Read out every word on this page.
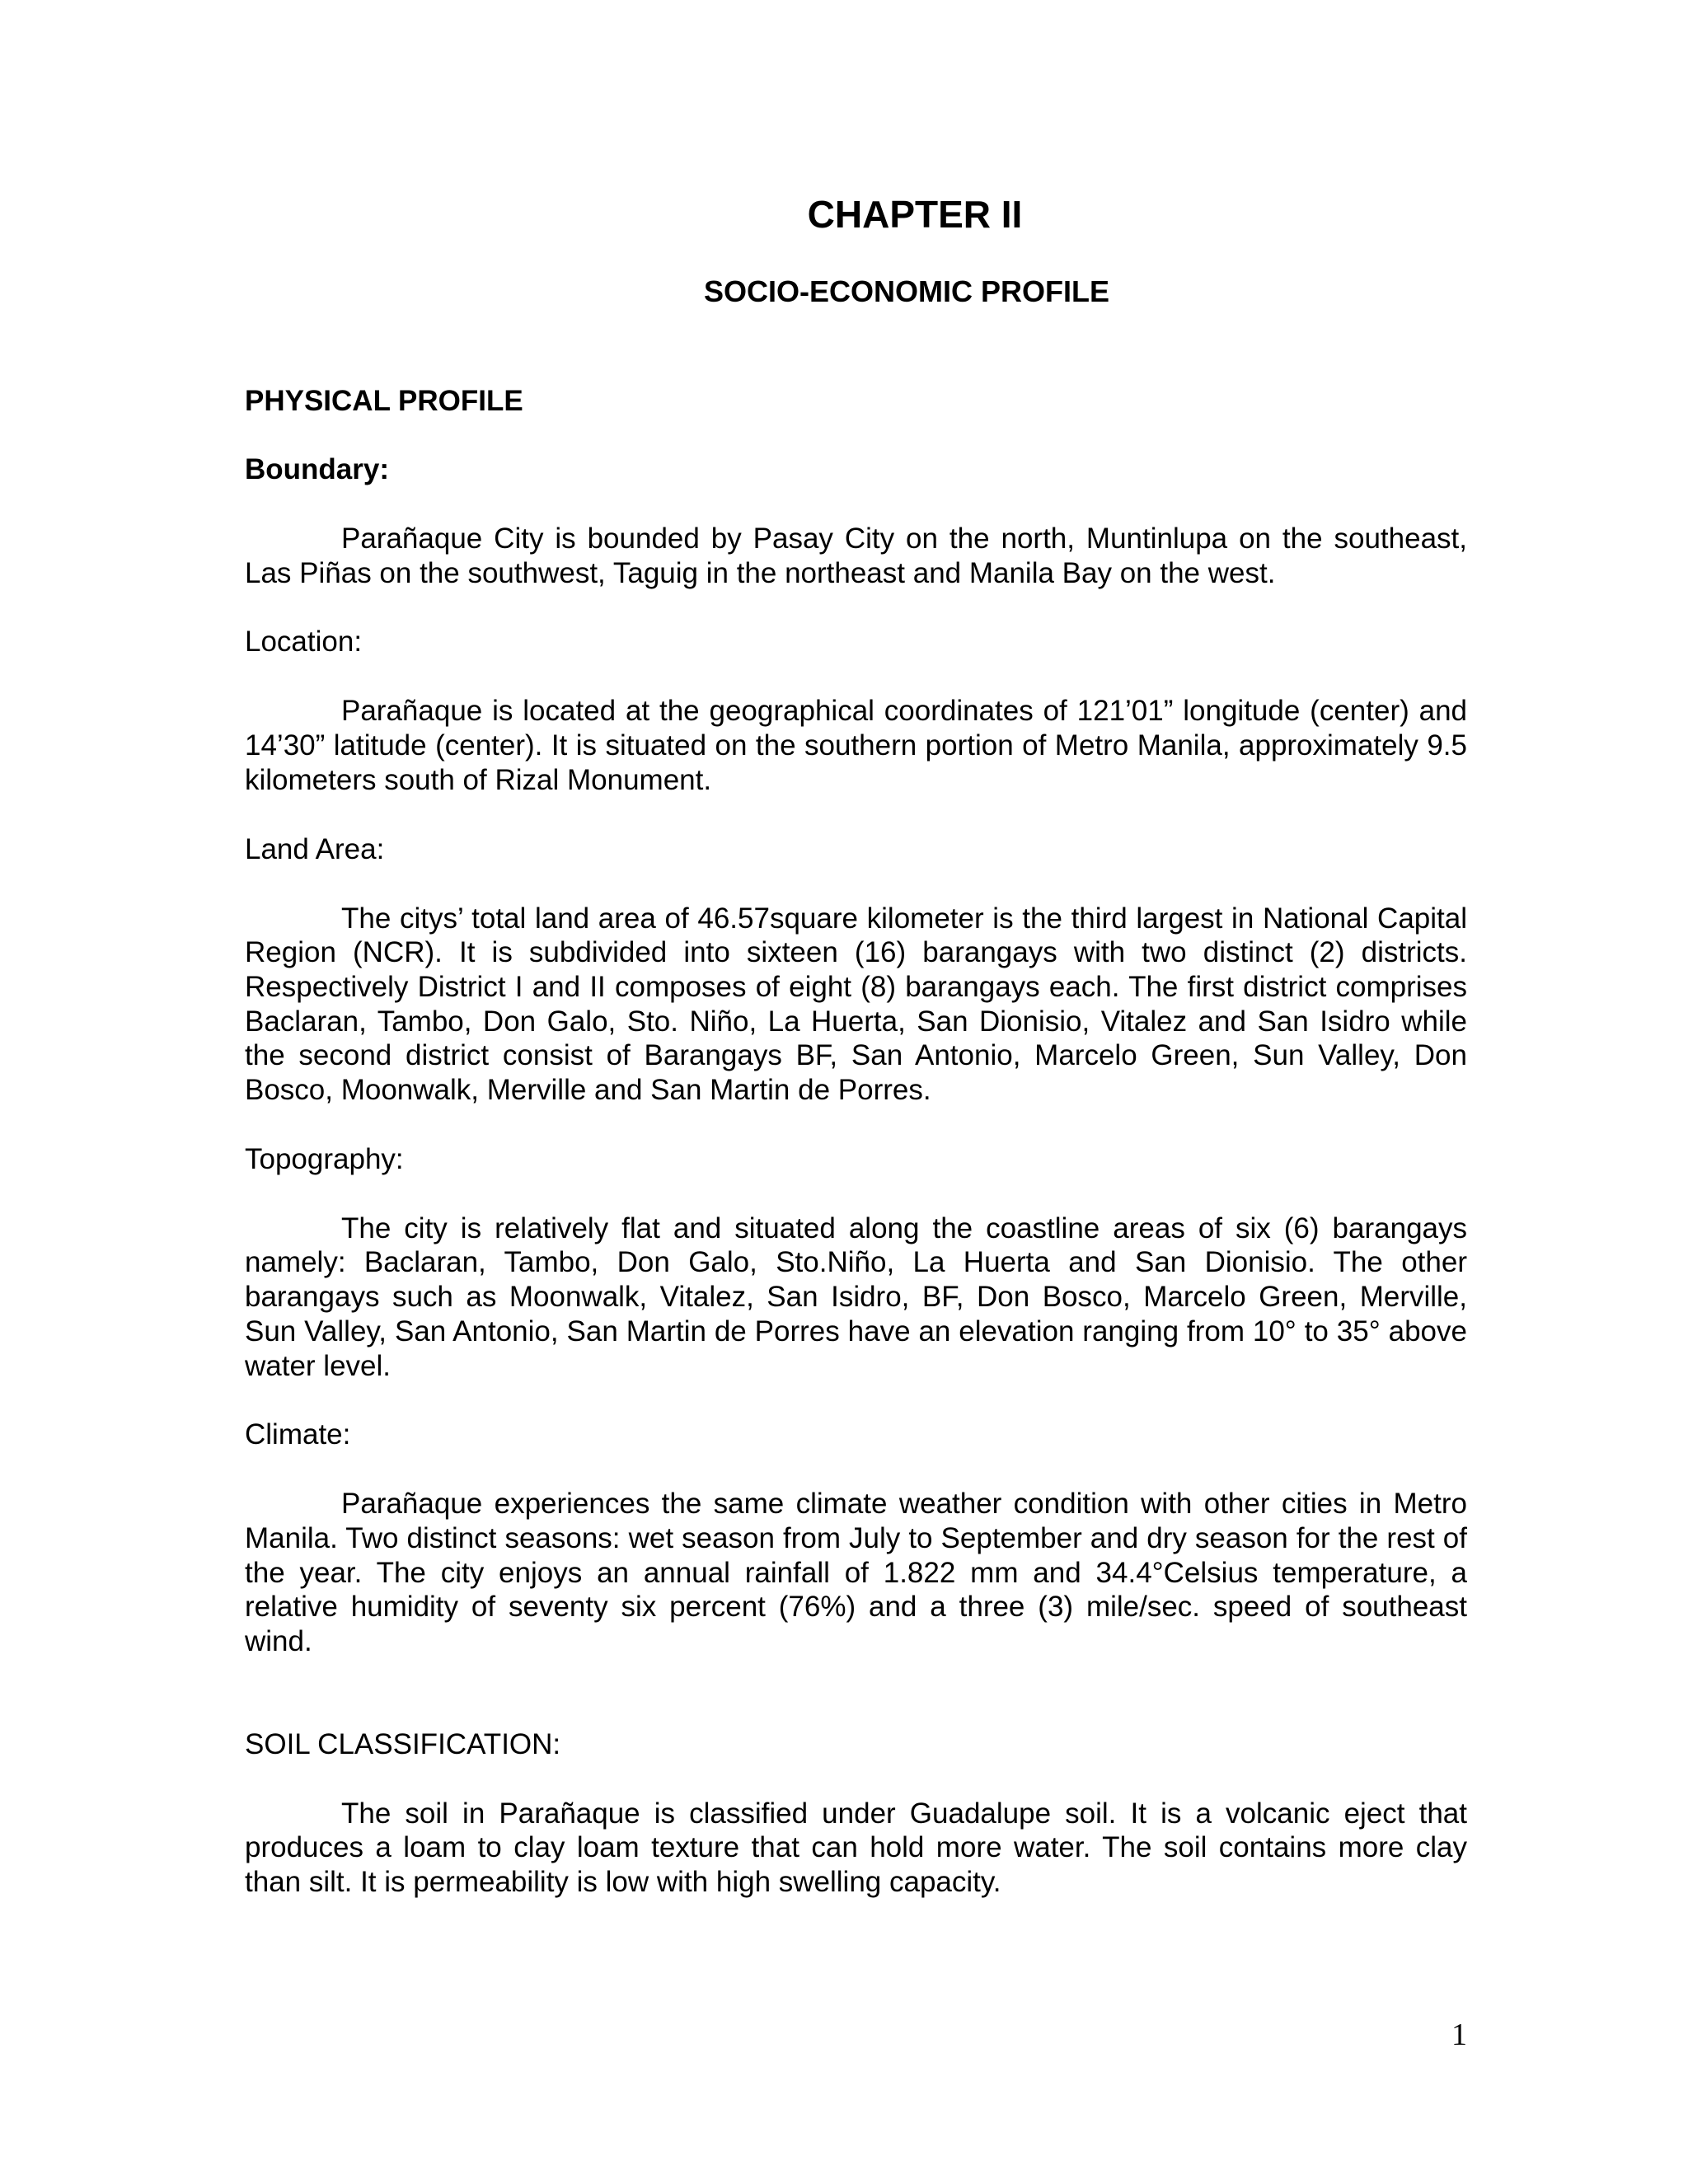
CHAPTER II
SOCIO-ECONOMIC PROFILE

PHYSICAL PROFILE

Boundary:

Parañaque City is bounded by Pasay City on the north, Muntinlupa on the southeast, Las Piñas on the southwest, Taguig in the northeast and Manila Bay on the west.

Location:

Parañaque is located at the geographical coordinates of 121’01” longitude (center) and 14’30” latitude (center). It is situated on the southern portion of Metro Manila, approximately 9.5 kilometers south of Rizal Monument.

Land Area:

The citys’ total land area of 46.57square kilometer is the third largest in National Capital Region (NCR). It is subdivided into sixteen (16) barangays with two distinct (2) districts. Respectively District I and II composes of eight (8) barangays each. The first district comprises Baclaran, Tambo, Don Galo, Sto. Niño, La Huerta, San Dionisio, Vitalez and San Isidro while the second district consist of Barangays BF, San Antonio, Marcelo Green, Sun Valley, Don Bosco, Moonwalk, Merville and San Martin de Porres.

Topography:

The city is relatively flat and situated along the coastline areas of six (6) barangays namely: Baclaran, Tambo, Don Galo, Sto.Niño, La Huerta and San Dionisio. The other barangays such as Moonwalk, Vitalez, San Isidro, BF, Don Bosco, Marcelo Green, Merville, Sun Valley, San Antonio, San Martin de Porres have an elevation ranging from 10° to 35° above water level.

Climate:

Parañaque experiences the same climate weather condition with other cities in Metro Manila. Two distinct seasons: wet season from July to September and dry season for the rest of the year. The city enjoys an annual rainfall of 1.822 mm and 34.4°Celsius temperature, a relative humidity of seventy six percent (76%) and a three (3) mile/sec. speed of southeast wind.

SOIL CLASSIFICATION:

The soil in Parañaque is classified under Guadalupe soil. It is a volcanic eject that produces a loam to clay loam texture that can hold more water. The soil contains more clay than silt. It is permeability is low with high swelling capacity.

1
